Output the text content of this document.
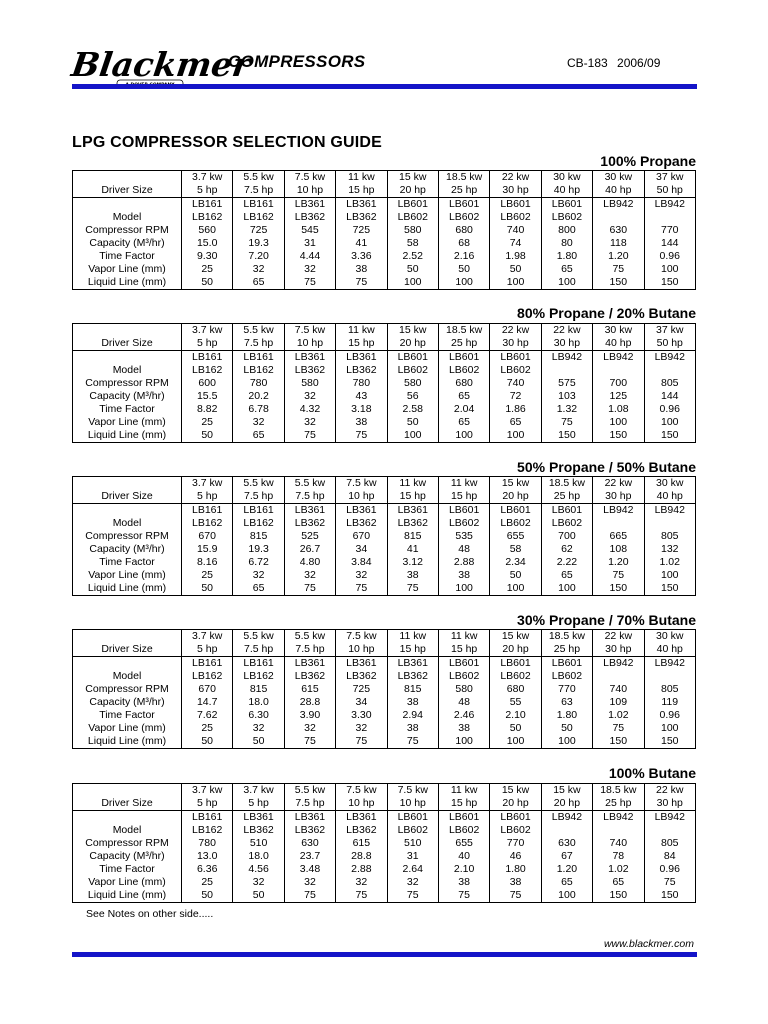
Blackmer
COMPRESSORS	CB-183 2006/09
LPG COMPRESSOR SELECTION GUIDE
100% Propane
	3.7 kw	5.5 kw	7.5 kw	11 kw	15 kw	18.5 kw	22 kw	30 kw	30 kw	37 kw
Driver Size	5 hp	7.5 hp	10 hp	15 hp	20 hp	25 hp	30 hp	40 hp	40 hp	50 hp
	LB161	LB161	LB361	LB361	LB601	LB601	LB601	LB601	LB942	LB942
Model	LB162	LB162	LB362	LB362	LB602	LB602	LB602	LB602		
Compressor RPM	560	725	545	725	580	680	740	800	630	770
Capacity (M³/hr)	15.0	19.3	31	41	58	68	74	80	118	144
Time Factor	9.30	7.20	4.44	3.36	2.52	2.16	1.98	1.80	1.20	0.96
Vapor Line (mm)	25	32	32	38	50	50	50	65	75	100
Liquid Line (mm)	50	65	75	75	100	100	100	100	150	150
80% Propane / 20% Butane
	3.7 kw	5.5 kw	7.5 kw	11 kw	15 kw	18.5 kw	22 kw	22 kw	30 kw	37 kw
Driver Size	5 hp	7.5 hp	10 hp	15 hp	20 hp	25 hp	30 hp	30 hp	40 hp	50 hp
	LB161	LB161	LB361	LB361	LB601	LB601	LB601	LB942	LB942	LB942
Model	LB162	LB162	LB362	LB362	LB602	LB602	LB602			
Compressor RPM	600	780	580	780	580	680	740	575	700	805
Capacity (M³/hr)	15.5	20.2	32	43	56	65	72	103	125	144
Time Factor	8.82	6.78	4.32	3.18	2.58	2.04	1.86	1.32	1.08	0.96
Vapor Line (mm)	25	32	32	38	50	65	65	75	100	100
Liquid Line (mm)	50	65	75	75	100	100	100	150	150	150
50% Propane / 50% Butane
	3.7 kw	5.5 kw	5.5 kw	7.5 kw	11 kw	11 kw	15 kw	18.5 kw	22 kw	30 kw
Driver Size	5 hp	7.5 hp	7.5 hp	10 hp	15 hp	15 hp	20 hp	25 hp	30 hp	40 hp
	LB161	LB161	LB361	LB361	LB361	LB601	LB601	LB601	LB942	LB942
Model	LB162	LB162	LB362	LB362	LB362	LB602	LB602	LB602		
Compressor RPM	670	815	525	670	815	535	655	700	665	805
Capacity (M³/hr)	15.9	19.3	26.7	34	41	48	58	62	108	132
Time Factor	8.16	6.72	4.80	3.84	3.12	2.88	2.34	2.22	1.20	1.02
Vapor Line (mm)	25	32	32	32	38	38	50	65	75	100
Liquid Line (mm)	50	65	75	75	75	100	100	100	150	150
30% Propane / 70% Butane
	3.7 kw	5.5 kw	5.5 kw	7.5 kw	11 kw	11 kw	15 kw	18.5 kw	22 kw	30 kw
Driver Size	5 hp	7.5 hp	7.5 hp	10 hp	15 hp	15 hp	20 hp	25 hp	30 hp	40 hp
	LB161	LB161	LB361	LB361	LB361	LB601	LB601	LB601	LB942	LB942
Model	LB162	LB162	LB362	LB362	LB362	LB602	LB602	LB602		
Compressor RPM	670	815	615	725	815	580	680	770	740	805
Capacity (M³/hr)	14.7	18.0	28.8	34	38	48	55	63	109	119
Time Factor	7.62	6.30	3.90	3.30	2.94	2.46	2.10	1.80	1.02	0.96
Vapor Line (mm)	25	32	32	32	38	38	50	50	75	100
Liquid Line (mm)	50	50	75	75	75	100	100	100	150	150
100% Butane
	3.7 kw	3.7 kw	5.5 kw	7.5 kw	7.5 kw	11 kw	15 kw	15 kw	18.5 kw	22 kw
Driver Size	5 hp	5 hp	7.5 hp	10 hp	10 hp	15 hp	20 hp	20 hp	25 hp	30 hp
	LB161	LB361	LB361	LB361	LB601	LB601	LB601	LB942	LB942	LB942
Model	LB162	LB362	LB362	LB362	LB602	LB602	LB602			
Compressor RPM	780	510	630	615	510	655	770	630	740	805
Capacity (M³/hr)	13.0	18.0	23.7	28.8	31	40	46	67	78	84
Time Factor	6.36	4.56	3.48	2.88	2.64	2.10	1.80	1.20	1.02	0.96
Vapor Line (mm)	25	32	32	32	32	38	38	65	65	75
Liquid Line (mm)	50	50	75	75	75	75	75	100	150	150
See Notes on other side.....
www.blackmer.com
